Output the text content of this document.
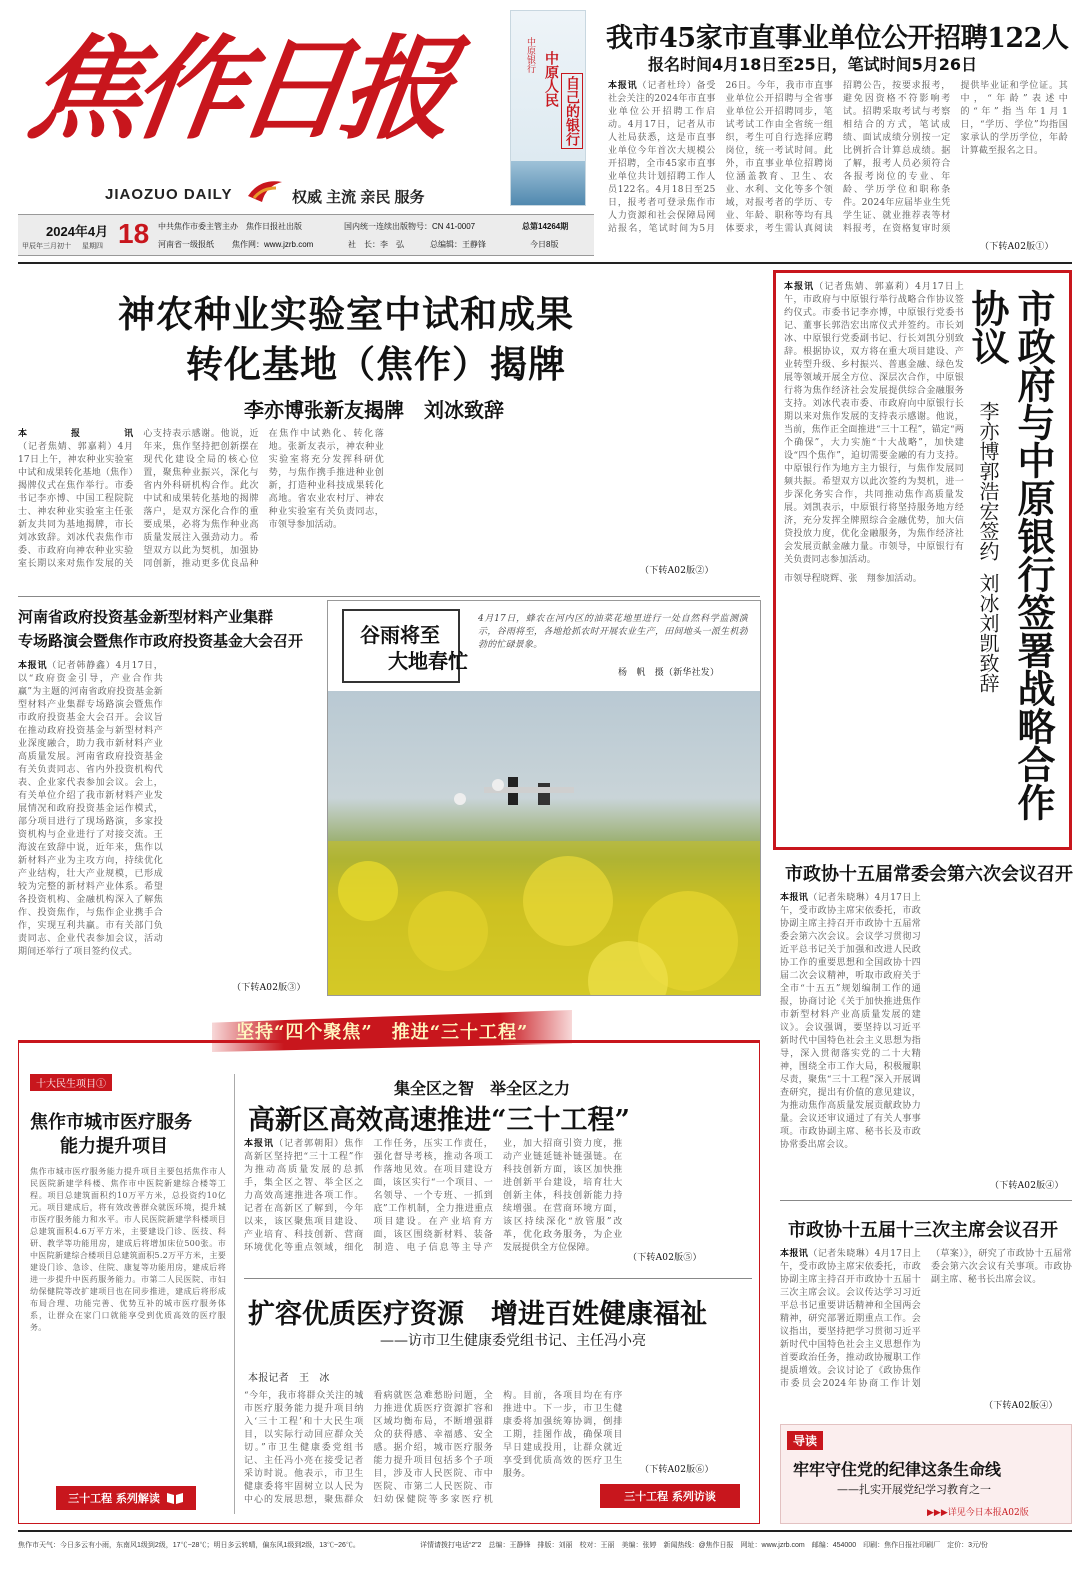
焦作日报
JIAOZUO DAILY	权威 主流 亲民 服务
2024年4月
甲辰年三月初十 星期四 18 中共焦作市委主管主办　焦作日报社出版	国内统一连续出版物号：CN 41-0007
河南省一级报纸 焦作网：www.jzrb.com	社　长：李　弘	总编辑：王静锋
总第14264期
今日8版
中原银行 中原人民 自己的银行
我市45家市直事业单位公开招聘122人
报名时间4月18日至25日，笔试时间5月26日
本报讯（记者杜玲）备受社会关注的2024年市直事业单位公开招聘工作启动。4月17日，记者从市人社局获悉，这是市直事业单位今年首次大规模公开招聘，全市45家市直事业单位共计划招聘工作人员122名。4月18日至25日，报考者可登录焦作市人力资源和社会保障局网站报名，笔试时间为5月26日。今年，我市市直事业单位公开招聘与全省事业单位公开招聘同步，笔试考试工作由全省统一组织，考生可自行选择应聘岗位，统一考试时间。此外，市直事业单位招聘岗位涵盖教育、卫生、农业、水利、文化等多个领域，对报考者的学历、专业、年龄、职称等均有具体要求，考生需认真阅读招聘公告，按要求报考，避免因资格不符影响考试。招聘采取考试与考察相结合的方式，笔试成绩、面试成绩分别按一定比例折合计算总成绩。据了解，报考人员必须符合各报考岗位的专业、年龄、学历学位和职称条件。2024年应届毕业生凭学生证、就业推荐表等材料报考，在资格复审时须提供毕业证和学位证。其中，“年龄”表述中的“年”指当年1月1日，“学历、学位”均指国家承认的学历学位，年龄计算截至报名之日。
（下转A02版①）
神农种业实验室中试和成果
转化基地（焦作）揭牌
李亦博张新友揭牌　刘冰致辞
本报讯（记者焦婧、郭嘉莉）4月17日上午，神农种业实验室中试和成果转化基地（焦作）揭牌仪式在焦作举行。市委书记李亦博、中国工程院院士、神农种业实验室主任张新友共同为基地揭牌，市长刘冰致辞。刘冰代表焦作市委、市政府向神农种业实验室长期以来对焦作发展的关心支持表示感谢。他说，近年来，焦作坚持把创新摆在现代化建设全局的核心位置，聚焦种业振兴，深化与省内外科研机构合作。此次中试和成果转化基地的揭牌落户，是双方深化合作的重要成果，必将为焦作种业高质量发展注入强劲动力。希望双方以此为契机，加强协同创新，推动更多优良品种在焦作中试熟化、转化落地。张新友表示，神农种业实验室将充分发挥科研优势，与焦作携手推进种业创新，打造种业科技成果转化高地。省农业农村厅、神农种业实验室有关负责同志，市领导参加活动。
（下转A02版②）
河南省政府投资基金新型材料产业集群
专场路演会暨焦作市政府投资基金大会召开
本报讯（记者韩静鑫）4月17日，以“政府资金引导，产业合作共赢”为主题的河南省政府投资基金新型材料产业集群专场路演会暨焦作市政府投资基金大会召开。会议旨在推动政府投资基金与新型材料产业深度融合，助力我市新材料产业高质量发展。河南省政府投资基金有关负责同志、省内外投资机构代表、企业家代表参加会议。会上，有关单位介绍了我市新材料产业发展情况和政府投资基金运作模式，部分项目进行了现场路演，多家投资机构与企业进行了对接交流。王海波在致辞中说，近年来，焦作以新材料产业为主攻方向，持续优化产业结构，壮大产业规模，已形成较为完整的新材料产业体系。希望各投资机构、金融机构深入了解焦作、投资焦作，与焦作企业携手合作，实现互利共赢。市有关部门负责同志、企业代表参加会议，活动期间还举行了项目签约仪式。
（下转A02版③）
谷雨将至
大地春忙
4月17日，蜂农在河内区的油菜花地里进行一处自然科学监测演示，谷雨将至，各地抢抓农时开展农业生产，田间地头一派生机勃勃的忙碌景象。
杨　帆　摄（新华社发）
本报讯（记者焦婧、郭嘉莉）4月17日上午，市政府与中原银行举行战略合作协议签约仪式。市委书记李亦博，中原银行党委书记、董事长郭浩宏出席仪式并签约。市长刘冰、中原银行党委副书记、行长刘凯分别致辞。根据协议，双方将在重大项目建设、产业转型升级、乡村振兴、普惠金融、绿色发展等领域开展全方位、深层次合作，中原银行将为焦作经济社会发展提供综合金融服务支持。刘冰代表市委、市政府向中原银行长期以来对焦作发展的支持表示感谢。他说，当前，焦作正全面推进“三十工程”，锚定“两个确保”，大力实施“十大战略”，加快建设“四个焦作”，迫切需要金融的有力支持。中原银行作为地方主力银行，与焦作发展同频共振。希望双方以此次签约为契机，进一步深化务实合作，共同推动焦作高质量发展。刘凯表示，中原银行将坚持服务地方经济，充分发挥全牌照综合金融优势，加大信贷投放力度，优化金融服务，为焦作经济社会发展贡献金融力量。市领导，中原银行有关负责同志参加活动。
市领导程晓辉、张　翔参加活动。	市政府与中原银行签署战略合作协议
李亦博郭浩宏签约
刘冰刘凯致辞
市政协十五届常委会第六次会议召开
本报讯（记者朱晓琳）4月17日上午，受市政协主席宋依委托，市政协副主席主持召开市政协十五届常委会第六次会议。会议学习贯彻习近平总书记关于加强和改进人民政协工作的重要思想和全国政协十四届二次会议精神，听取市政府关于全市“十五五”规划编制工作的通报，协商讨论《关于加快推进焦作市新型材料产业高质量发展的建议》。会议强调，要坚持以习近平新时代中国特色社会主义思想为指导，深入贯彻落实党的二十大精神，围绕全市工作大局，积极履职尽责，聚焦“三十工程”深入开展调查研究，提出有价值的意见建议，为推动焦作高质量发展贡献政协力量。会议还审议通过了有关人事事项。市政协副主席、秘书长及市政协常委出席会议。
（下转A02版④）
市政协十五届十三次主席会议召开
本报讯（记者朱晓琳）4月17日上午，受市政协主席宋依委托，市政协副主席主持召开市政协十五届十三次主席会议。会议传达学习习近平总书记重要讲话精神和全国两会精神，研究部署近期重点工作。会议指出，要坚持把学习贯彻习近平新时代中国特色社会主义思想作为首要政治任务，推动政协履职工作提质增效。会议讨论了《政协焦作市委员会2024年协商工作计划（草案）》，研究了市政协十五届常委会第六次会议有关事项。市政协副主席、秘书长出席会议。
（下转A02版④）
坚持“四个聚焦”　推进“三十工程”
十大民生项目①
焦作市城市医疗服务
能力提升项目
焦作市城市医疗服务能力提升项目主要包括焦作市人民医院新建学科楼、焦作市中医院新建综合楼等工程。项目总建筑面积约10万平方米，总投资约10亿元。项目建成后，将有效改善群众就医环境，提升城市医疗服务能力和水平。市人民医院新建学科楼项目总建筑面积4.6万平方米，主要建设门诊、医技、科研、教学等功能用房，建成后将增加床位500张。市中医院新建综合楼项目总建筑面积5.2万平方米，主要建设门诊、急诊、住院、康复等功能用房，建成后将进一步提升中医药服务能力。市第二人民医院、市妇幼保健院等改扩建项目也在同步推进，建成后将形成布局合理、功能完善、优势互补的城市医疗服务体系，让群众在家门口就能享受到优质高效的医疗服务。
三十工程 系列解读
集全区之智　举全区之力
高新区高效高速推进“三十工程”
本报讯（记者郭朝阳）焦作高新区坚持把“三十工程”作为推动高质量发展的总抓手，集全区之智、举全区之力高效高速推进各项工作。记者在高新区了解到，今年以来，该区聚焦项目建设、产业培育、科技创新、营商环境优化等重点领域，细化工作任务，压实工作责任，强化督导考核，推动各项工作落地见效。在项目建设方面，该区实行“一个项目、一名领导、一个专班、一抓到底”工作机制，全力推进重点项目建设。在产业培育方面，该区围绕新材料、装备制造、电子信息等主导产业，加大招商引资力度，推动产业链延链补链强链。在科技创新方面，该区加快推进创新平台建设，培育壮大创新主体，科技创新能力持续增强。在营商环境方面，该区持续深化“放管服”改革，优化政务服务，为企业发展提供全方位保障。
（下转A02版⑤）
扩容优质医疗资源　增进百姓健康福祉
——访市卫生健康委党组书记、主任冯小亮
本报记者　王　冰
“今年，我市将群众关注的城市医疗服务能力提升项目纳入‘三十工程’和十大民生项目，以实际行动回应群众关切。”市卫生健康委党组书记、主任冯小亮在接受记者采访时说。他表示，市卫生健康委将牢固树立以人民为中心的发展思想，聚焦群众看病就医急难愁盼问题，全力推进优质医疗资源扩容和区域均衡布局，不断增强群众的获得感、幸福感、安全感。据介绍，城市医疗服务能力提升项目包括多个子项目，涉及市人民医院、市中医院、市第二人民医院、市妇幼保健院等多家医疗机构。目前，各项目均在有序推进中。下一步，市卫生健康委将加强统筹协调，倒排工期，挂图作战，确保项目早日建成投用，让群众就近享受到优质高效的医疗卫生服务。	（下转A02版⑥）
三十工程 系列访谈
导读
牢牢守住党的纪律这条生命线
——扎实开展党纪学习教育之一
▶▶▶详见今日本报A02版
焦作市天气：今日多云有小雨，东南风1级到2级，17℃~28℃；明日多云转晴，偏东风1级到2级，13℃~26℃。	详情请拨打电话“2”2　总编：王静锋　排版：刘丽　校对：王丽　美编：张婷　新闻热线：@焦作日报　网址：www.jzrb.com　邮编：454000　印刷：焦作日报社印刷厂　定价：3元/份
